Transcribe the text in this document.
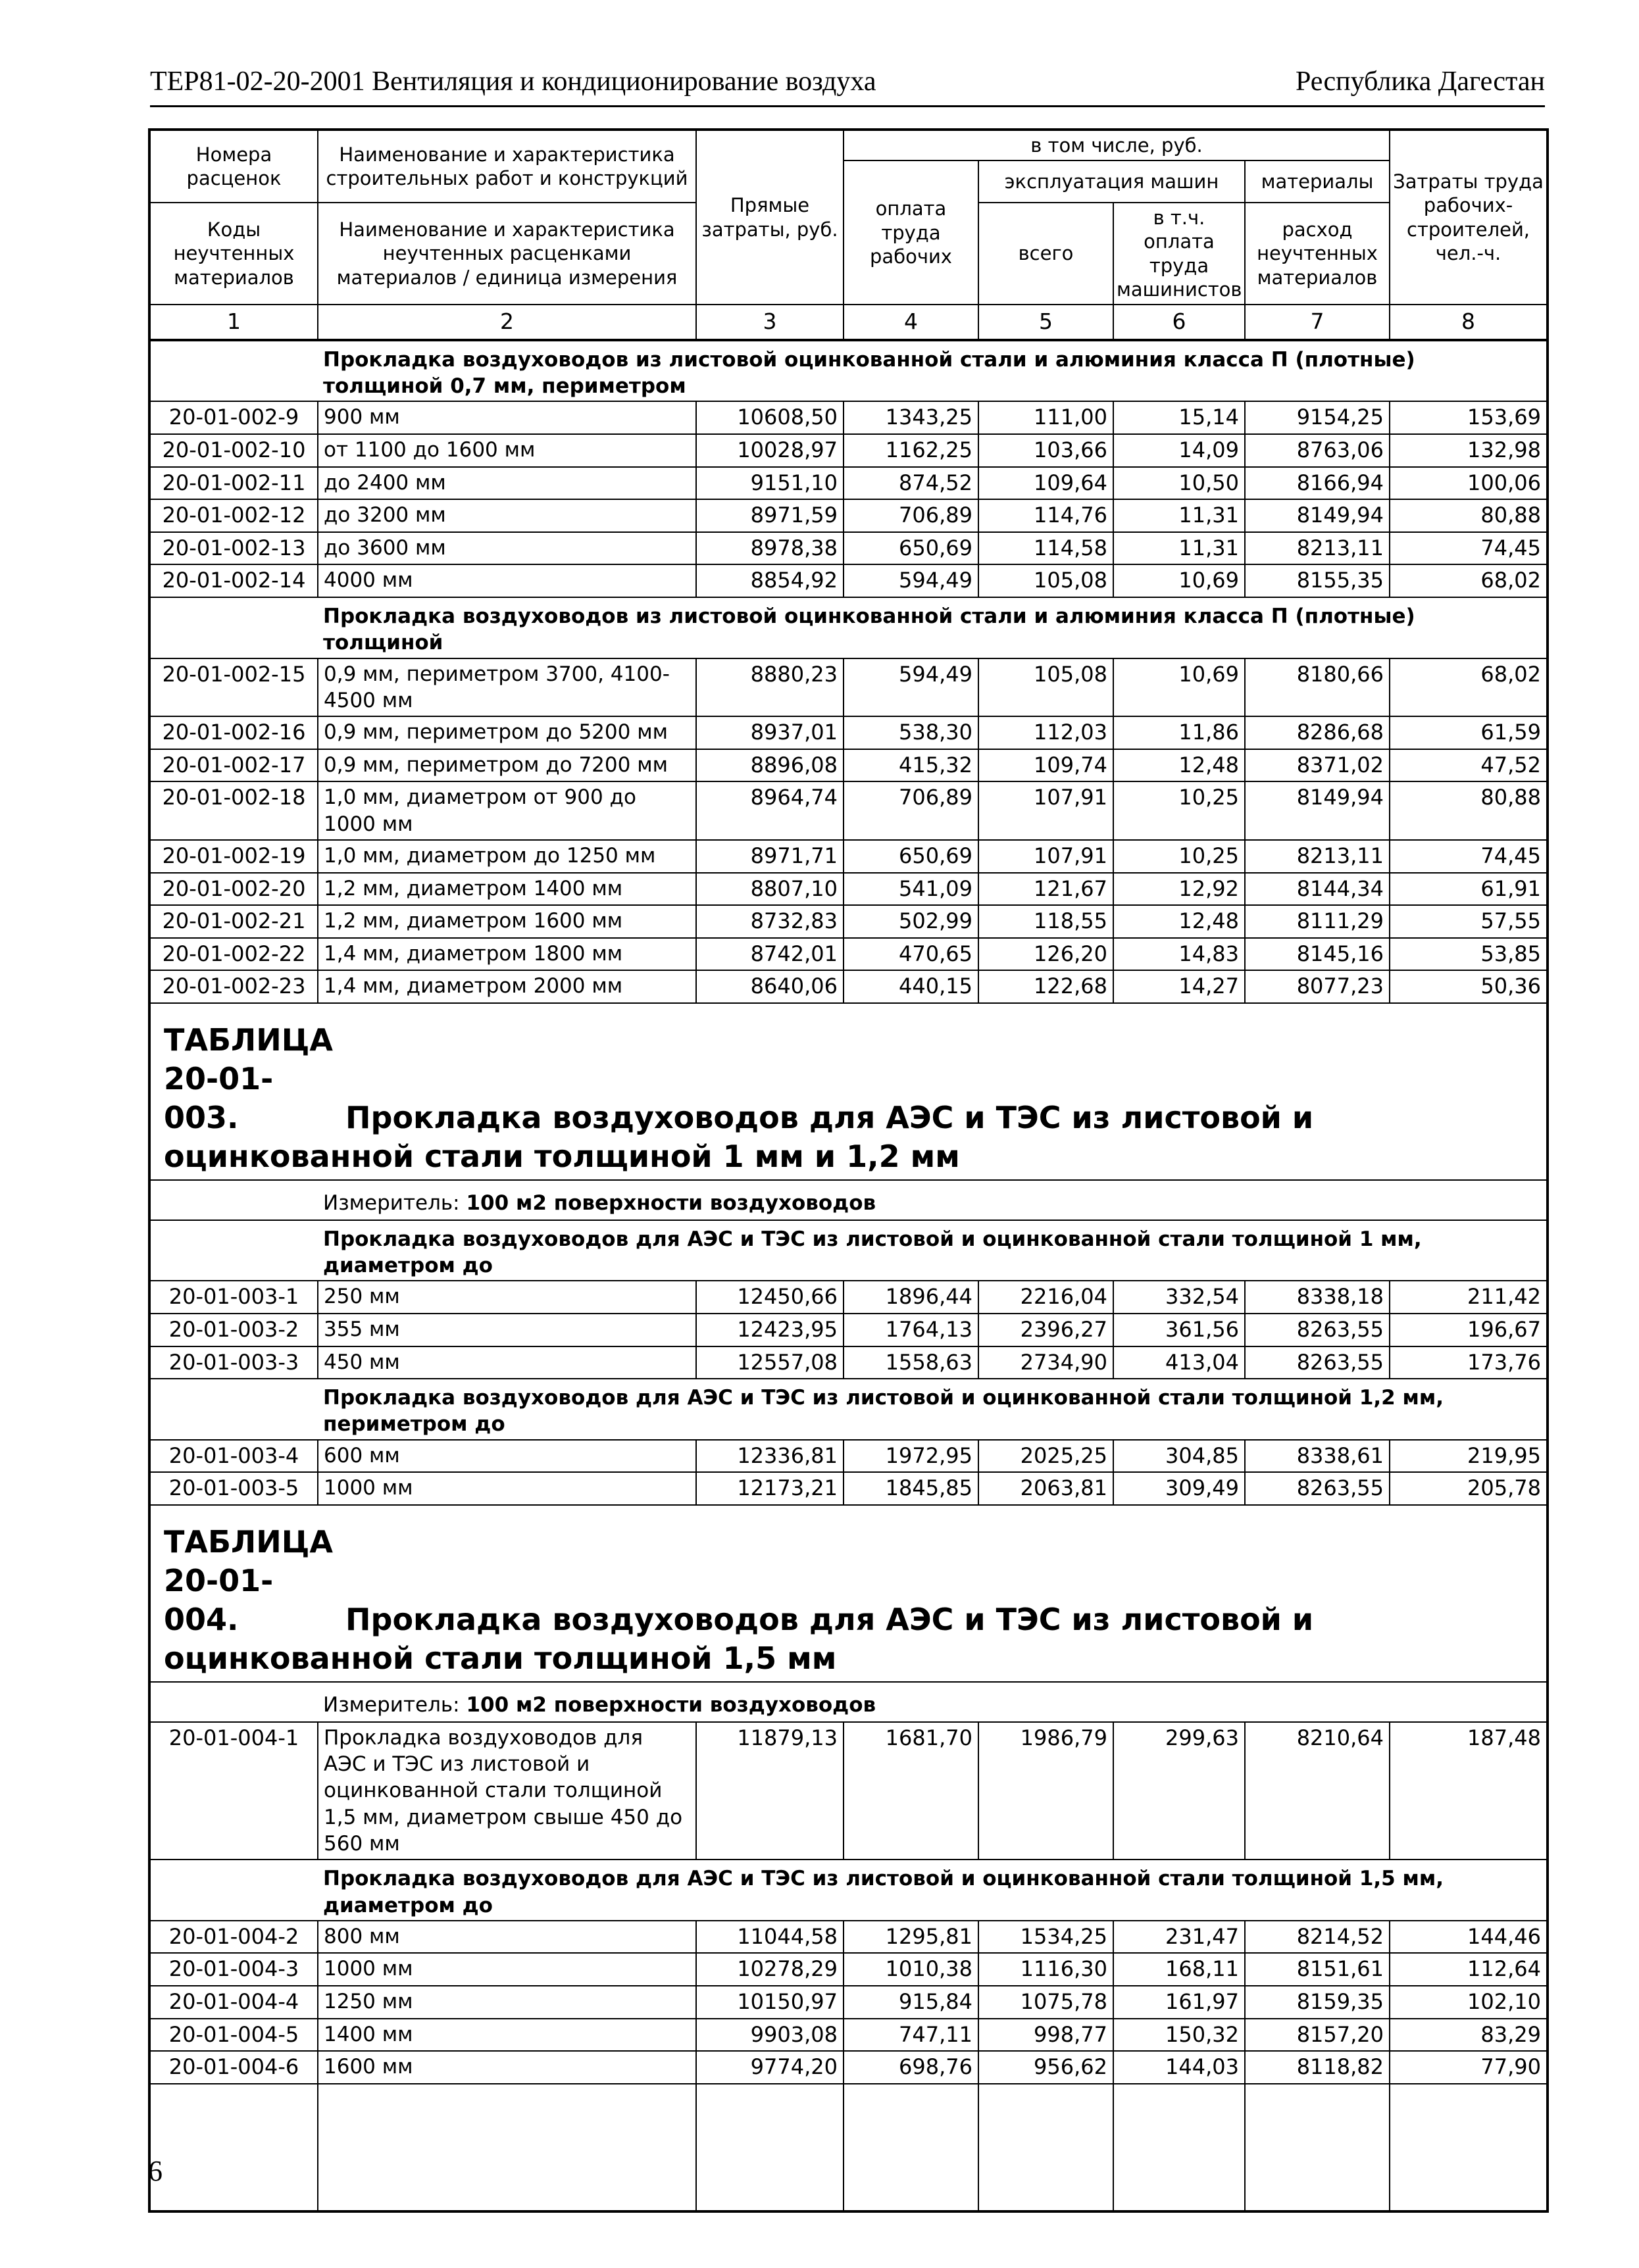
ТЕР81-02-20-2001 Вентиляция и кондиционирование воздуха	Республика Дагестан
Номера расценок	Наименование и характеристика строительных работ и конструкций	Прямые затраты, руб.	в том числе, руб.				Затраты труда рабочих-строителей, чел.-ч.
			оплата труда рабочих	эксплуатация машин		материалы	
Коды неучтенных материалов	Наименование и характеристика неучтенных расценками материалов / единица измерения			всего	в т.ч. оплата труда машинистов	расход неучтенных материалов	

1	2	3	4	5	6	7	8
	Прокладка воздуховодов из листовой оцинкованной стали и алюминия класса П (плотные) толщиной 0,7 мм, периметром						
20-01-002-9	900 мм	10608,50	1343,25	111,00	15,14	9154,25	153,69
20-01-002-10	от 1100 до 1600 мм	10028,97	1162,25	103,66	14,09	8763,06	132,98
20-01-002-11	до 2400 мм	9151,10	874,52	109,64	10,50	8166,94	100,06
20-01-002-12	до 3200 мм	8971,59	706,89	114,76	11,31	8149,94	80,88
20-01-002-13	до 3600 мм	8978,38	650,69	114,58	11,31	8213,11	74,45
20-01-002-14	4000 мм	8854,92	594,49	105,08	10,69	8155,35	68,02
	Прокладка воздуховодов из листовой оцинкованной стали и алюминия класса П (плотные) толщиной						
20-01-002-15	0,9 мм, периметром 3700, 4100-4500 мм	8880,23	594,49	105,08	10,69	8180,66	68,02
20-01-002-16	0,9 мм, периметром до 5200 мм	8937,01	538,30	112,03	11,86	8286,68	61,59
20-01-002-17	0,9 мм, периметром до 7200 мм	8896,08	415,32	109,74	12,48	8371,02	47,52
20-01-002-18	1,0 мм, диаметром от 900 до 1000 мм	8964,74	706,89	107,91	10,25	8149,94	80,88
20-01-002-19	1,0 мм, диаметром до 1250 мм	8971,71	650,69	107,91	10,25	8213,11	74,45
20-01-002-20	1,2 мм, диаметром 1400 мм	8807,10	541,09	121,67	12,92	8144,34	61,91
20-01-002-21	1,2 мм, диаметром 1600 мм	8732,83	502,99	118,55	12,48	8111,29	57,55
20-01-002-22	1,4 мм, диаметром 1800 мм	8742,01	470,65	126,20	14,83	8145,16	53,85
20-01-002-23	1,4 мм, диаметром 2000 мм	8640,06	440,15	122,68	14,27	8077,23	50,36
ТАБЛИЦА 20-01-003. Прокладка воздуховодов для АЭС и ТЭС из листовой и оцинкованной стали толщиной 1 мм и 1,2 мм							
	Измеритель: 100 м2 поверхности воздуховодов						
	Прокладка воздуховодов для АЭС и ТЭС из листовой и оцинкованной стали толщиной 1 мм, диаметром до						
20-01-003-1	250 мм	12450,66	1896,44	2216,04	332,54	8338,18	211,42
20-01-003-2	355 мм	12423,95	1764,13	2396,27	361,56	8263,55	196,67
20-01-003-3	450 мм	12557,08	1558,63	2734,90	413,04	8263,55	173,76
	Прокладка воздуховодов для АЭС и ТЭС из листовой и оцинкованной стали толщиной 1,2 мм, периметром до						
20-01-003-4	600 мм	12336,81	1972,95	2025,25	304,85	8338,61	219,95
20-01-003-5	1000 мм	12173,21	1845,85	2063,81	309,49	8263,55	205,78
ТАБЛИЦА 20-01-004. Прокладка воздуховодов для АЭС и ТЭС из листовой и оцинкованной стали толщиной 1,5 мм							
	Измеритель: 100 м2 поверхности воздуховодов						
20-01-004-1	Прокладка воздуховодов для АЭС и ТЭС из листовой и оцинкованной стали толщиной 1,5 мм, диаметром свыше 450 до 560 мм	11879,13	1681,70	1986,79	299,63	8210,64	187,48
	Прокладка воздуховодов для АЭС и ТЭС из листовой и оцинкованной стали толщиной 1,5 мм, диаметром до						
20-01-004-2	800 мм	11044,58	1295,81	1534,25	231,47	8214,52	144,46
20-01-004-3	1000 мм	10278,29	1010,38	1116,30	168,11	8151,61	112,64
20-01-004-4	1250 мм	10150,97	915,84	1075,78	161,97	8159,35	102,10
20-01-004-5	1400 мм	9903,08	747,11	998,77	150,32	8157,20	83,29
20-01-004-6	1600 мм	9774,20	698,76	956,62	144,03	8118,82	77,90

6
